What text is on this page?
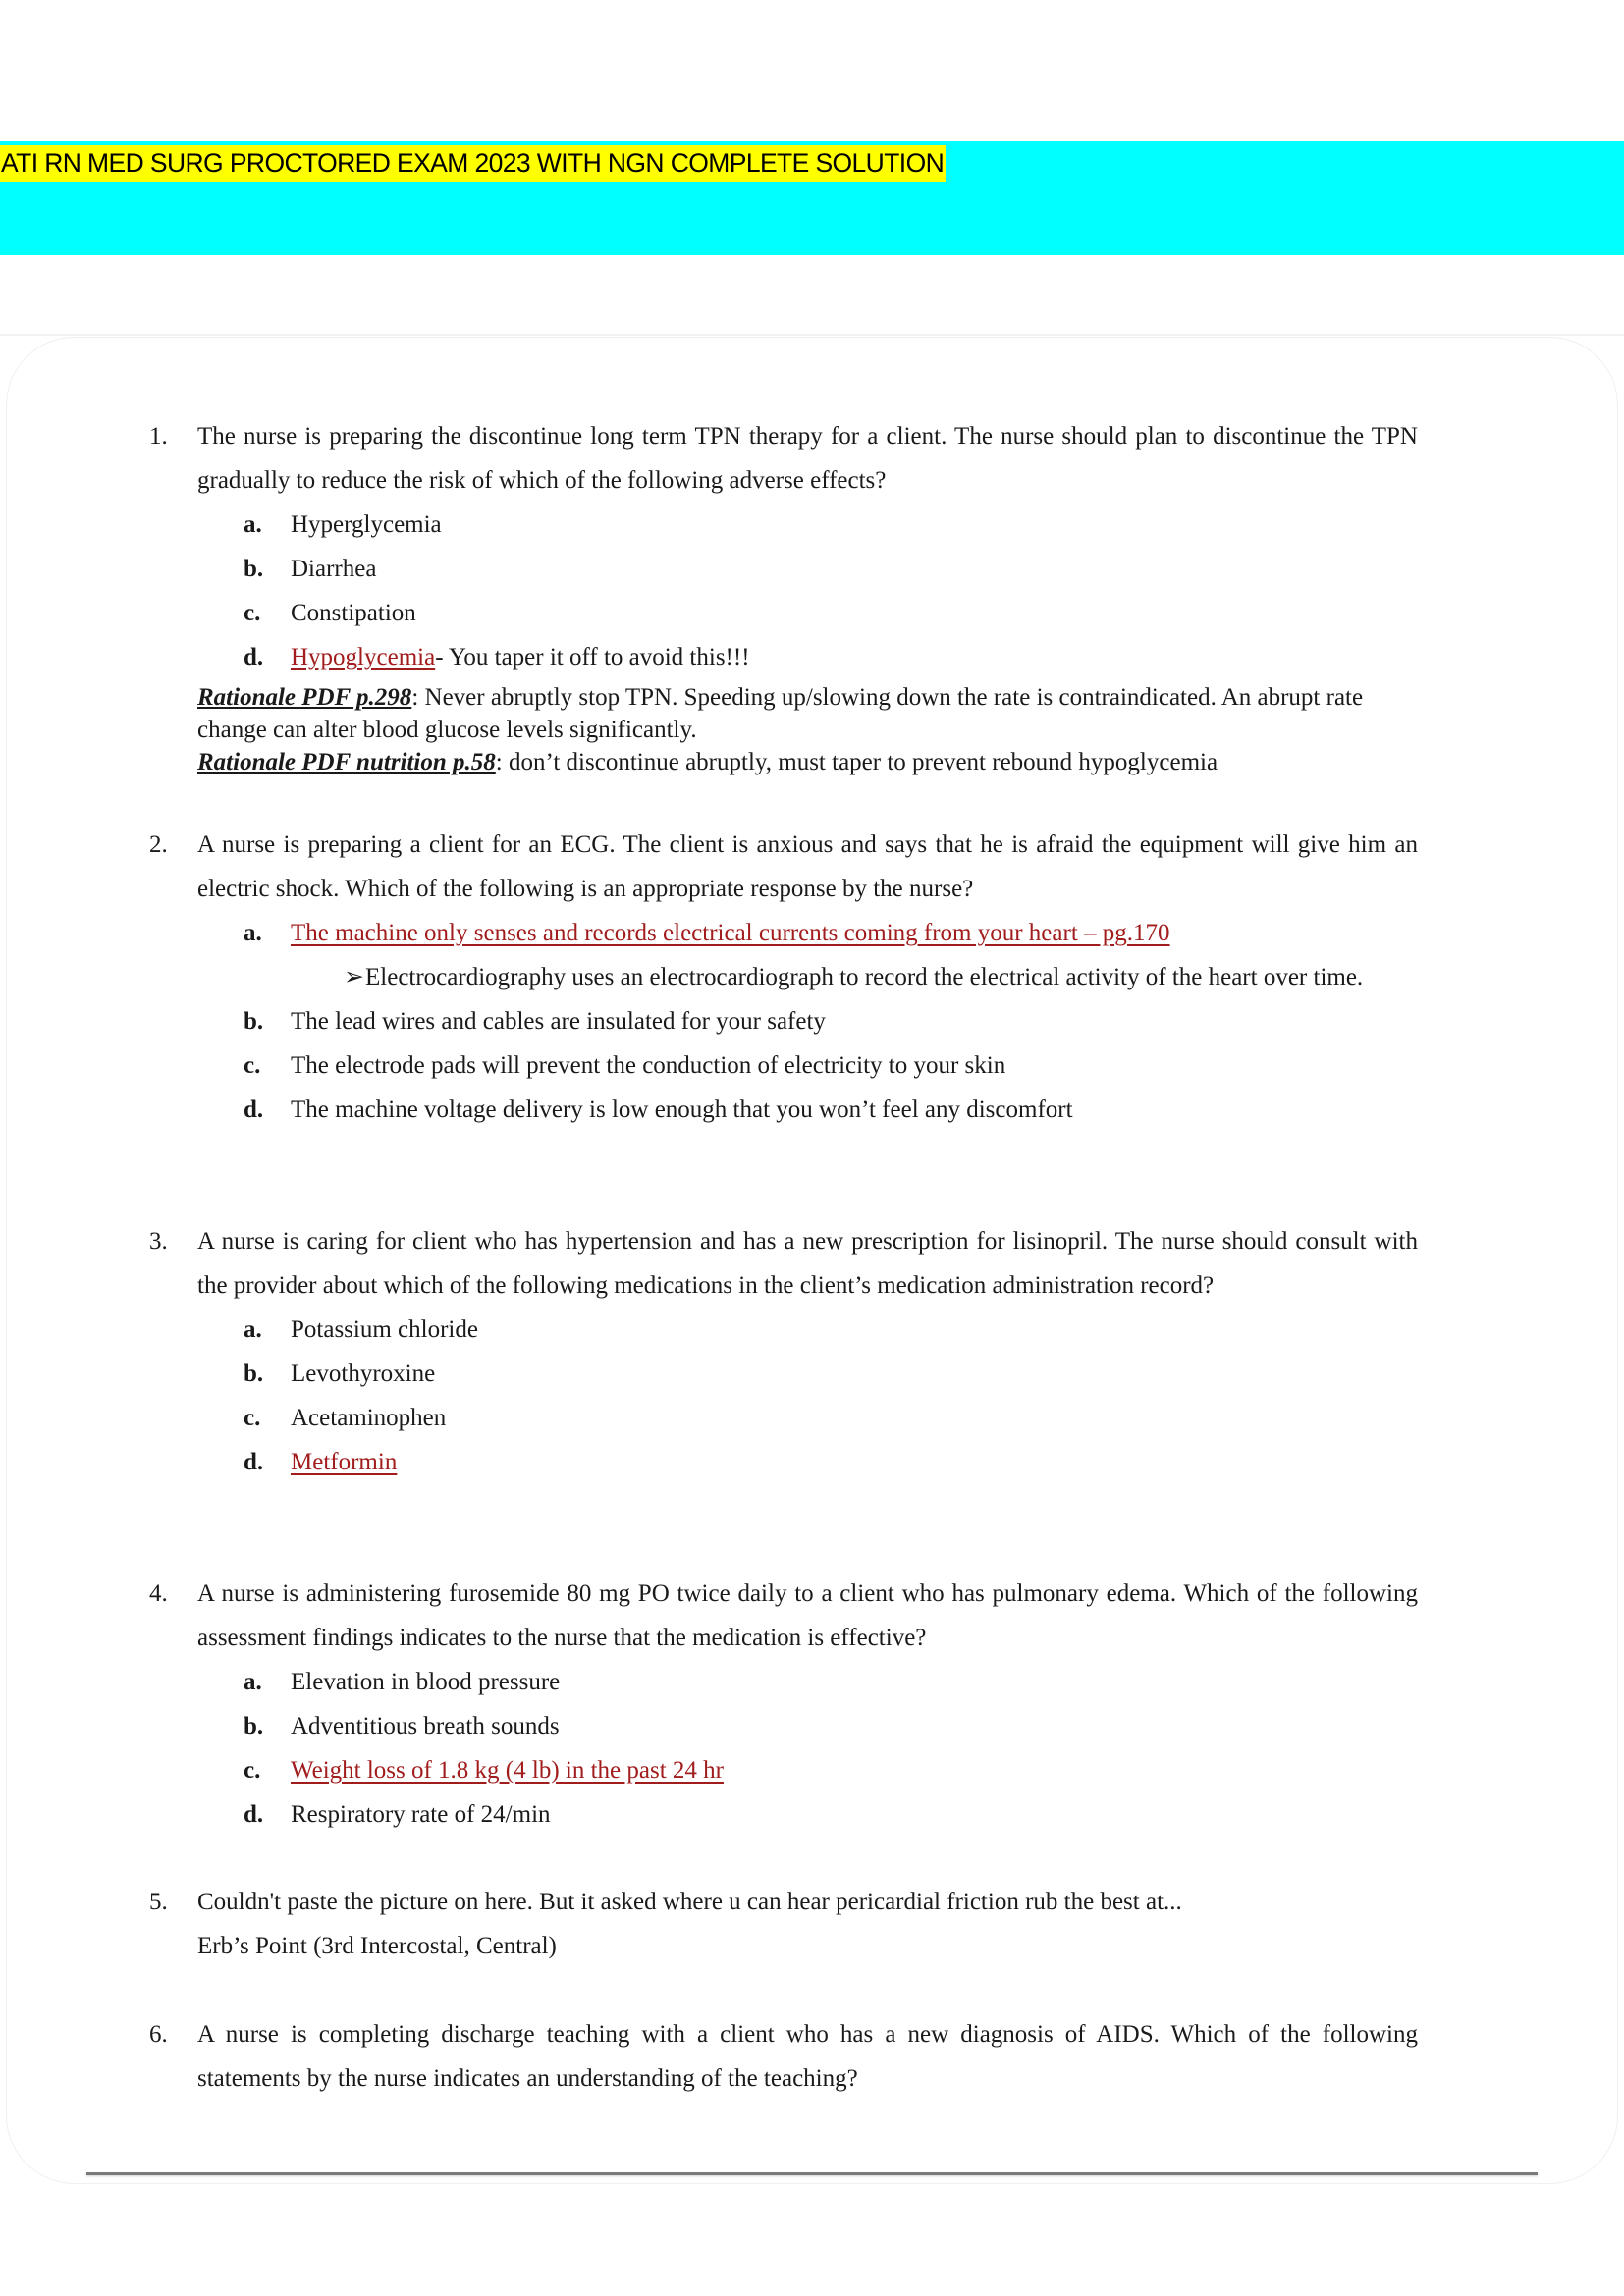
ATI RN MED SURG PROCTORED EXAM 2023 WITH NGN COMPLETE SOLUTION
1. The nurse is preparing the discontinue long term TPN therapy for a client. The nurse should plan to discontinue the TPN gradually to reduce the risk of which of the following adverse effects?
a. Hyperglycemia
b. Diarrhea
c. Constipation
d. Hypoglycemia- You taper it off to avoid this!!!
Rationale PDF p.298: Never abruptly stop TPN. Speeding up/slowing down the rate is contraindicated. An abrupt rate change can alter blood glucose levels significantly.
Rationale PDF nutrition p.58: don’t discontinue abruptly, must taper to prevent rebound hypoglycemia
2. A nurse is preparing a client for an ECG. The client is anxious and says that he is afraid the equipment will give him an electric shock. Which of the following is an appropriate response by the nurse?
a. The machine only senses and records electrical currents coming from your heart – pg.170
➢ Electrocardiography uses an electrocardiograph to record the electrical activity of the heart over time.
b. The lead wires and cables are insulated for your safety
c. The electrode pads will prevent the conduction of electricity to your skin
d. The machine voltage delivery is low enough that you won’t feel any discomfort
3. A nurse is caring for client who has hypertension and has a new prescription for lisinopril. The nurse should consult with the provider about which of the following medications in the client’s medication administration record?
a. Potassium chloride
b. Levothyroxine
c. Acetaminophen
d. Metformin
4. A nurse is administering furosemide 80 mg PO twice daily to a client who has pulmonary edema. Which of the following assessment findings indicates to the nurse that the medication is effective?
a. Elevation in blood pressure
b. Adventitious breath sounds
c. Weight loss of 1.8 kg (4 lb) in the past 24 hr
d. Respiratory rate of 24/min
5. Couldn't paste the picture on here. But it asked where u can hear pericardial friction rub the best at...
Erb’s Point (3rd Intercostal, Central)
6. A nurse is completing discharge teaching with a client who has a new diagnosis of AIDS. Which of the following statements by the nurse indicates an understanding of the teaching?
